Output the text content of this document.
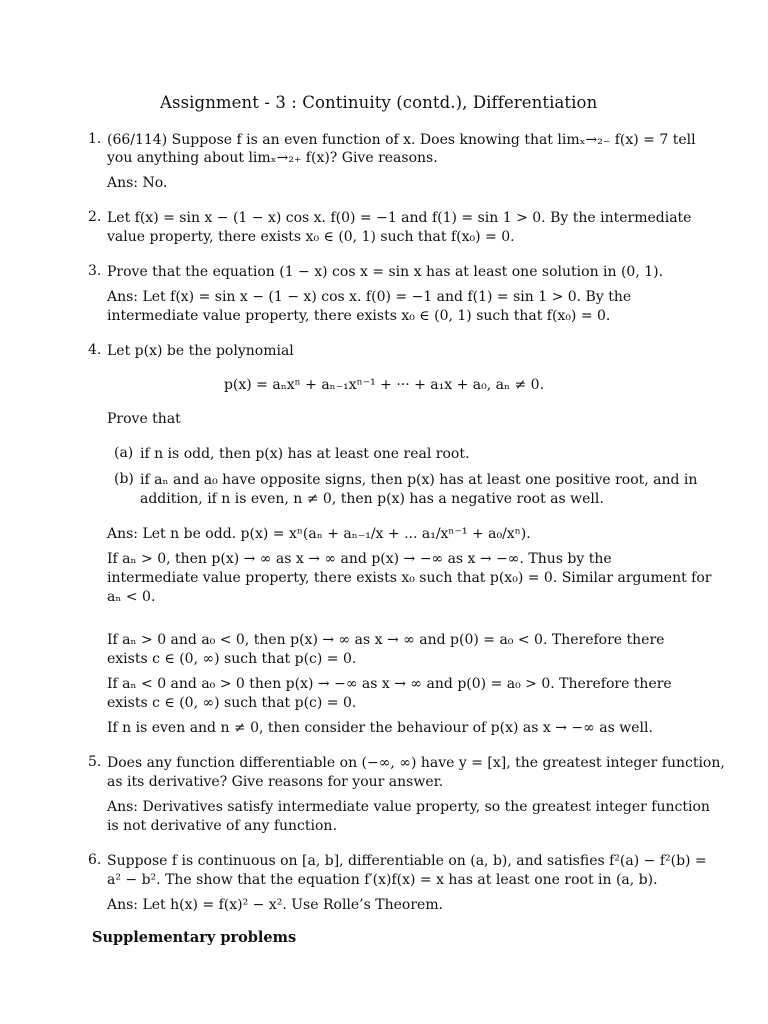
Assignment - 3 : Continuity (contd.), Differentiation
1. (66/114) Suppose f is an even function of x. Does knowing that limₓ→₂₋ f(x) = 7 tell
you anything about limₓ→₂₊ f(x)? Give reasons.
Ans: No.
2. Let f(x) = sin x − (1 − x) cos x. f(0) = −1 and f(1) = sin 1 > 0. By the intermediate
value property, there exists x₀ ∈ (0, 1) such that f(x₀) = 0.
3. Prove that the equation (1 − x) cos x = sin x has at least one solution in (0, 1).
Ans: Let f(x) = sin x − (1 − x) cos x. f(0) = −1 and f(1) = sin 1 > 0. By the
intermediate value property, there exists x₀ ∈ (0, 1) such that f(x₀) = 0.
4. Let p(x) be the polynomial
p(x) = aₙxⁿ + aₙ₋₁xⁿ⁻¹ + ··· + a₁x + a₀, aₙ ≠ 0.
Prove that
(a) if n is odd, then p(x) has at least one real root.
(b) if aₙ and a₀ have opposite signs, then p(x) has at least one positive root, and in
addition, if n is even, n ≠ 0, then p(x) has a negative root as well.
Ans: Let n be odd. p(x) = xⁿ(aₙ + aₙ₋₁/x + ... a₁/xⁿ⁻¹ + a₀/xⁿ).
If aₙ > 0, then p(x) → ∞ as x → ∞ and p(x) → −∞ as x → −∞. Thus by the
intermediate value property, there exists x₀ such that p(x₀) = 0. Similar argument for
aₙ < 0.
If aₙ > 0 and a₀ < 0, then p(x) → ∞ as x → ∞ and p(0) = a₀ < 0. Therefore there
exists c ∈ (0, ∞) such that p(c) = 0.
If aₙ < 0 and a₀ > 0 then p(x) → −∞ as x → ∞ and p(0) = a₀ > 0. Therefore there
exists c ∈ (0, ∞) such that p(c) = 0.
If n is even and n ≠ 0, then consider the behaviour of p(x) as x → −∞ as well.
5. Does any function differentiable on (−∞, ∞) have y = [x], the greatest integer function,
as its derivative? Give reasons for your answer.
Ans: Derivatives satisfy intermediate value property, so the greatest integer function
is not derivative of any function.
6. Suppose f is continuous on [a, b], differentiable on (a, b), and satisfies f²(a) − f²(b) =
a² − b². The show that the equation f′(x)f(x) = x has at least one root in (a, b).
Ans: Let h(x) = f(x)² − x². Use Rolle’s Theorem.
Supplementary problems
